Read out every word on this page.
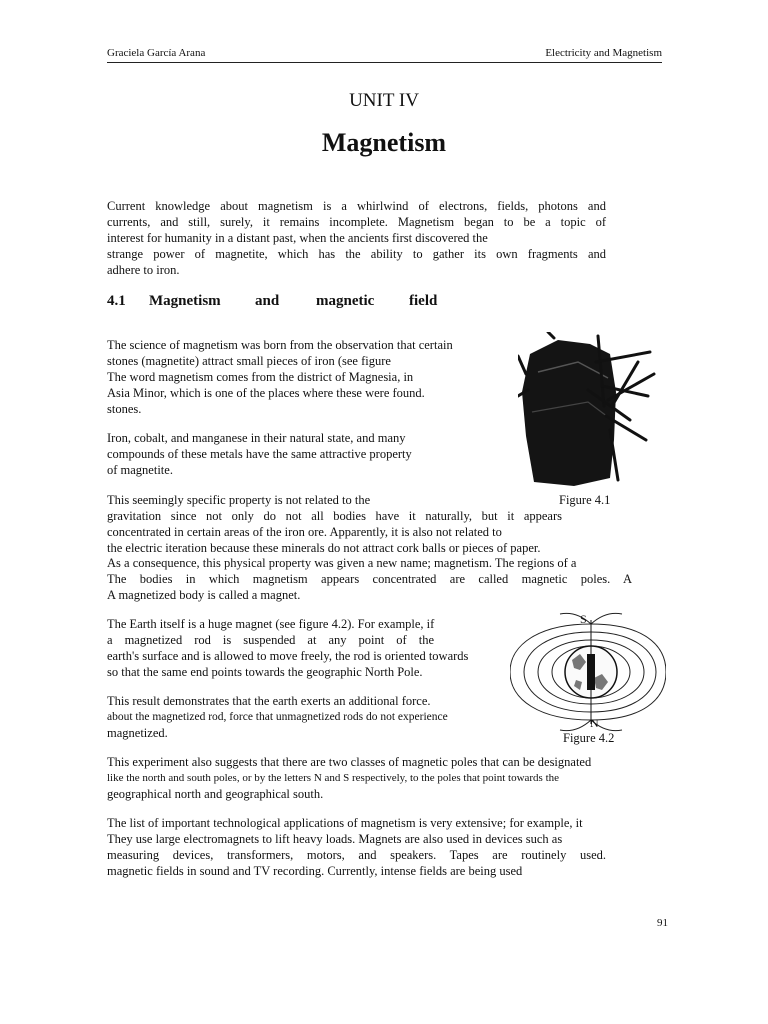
Graciela García Arana	Electricity and Magnetism
UNIT IV
Magnetism
Current knowledge about magnetism is a whirlwind of electrons, fields, photons and
currents, and still, surely, it remains incomplete. Magnetism began to be a topic of
interest for humanity in a distant past, when the ancients first discovered the
strange power of magnetite, which has the ability to gather its own fragments and
adhere to iron.
4.1 Magnetism and magnetic field
The science of magnetism was born from the observation that certain
stones (magnetite) attract small pieces of iron (see figure
The word magnetism comes from the district of Magnesia, in
Asia Minor, which is one of the places where these were found.
stones.
Iron, cobalt, and manganese in their natural state, and many
compounds of these metals have the same attractive property
of magnetite.
Figure 4.1
This seemingly specific property is not related to the
gravitation since not only do not all bodies have it naturally, but it appears
concentrated in certain areas of the iron ore. Apparently, it is also not related to
the electric iteration because these minerals do not attract cork balls or pieces of paper.
As a consequence, this physical property was given a new name; magnetism. The regions of a
The bodies in which magnetism appears concentrated are called magnetic poles. A
A magnetized body is called a magnet.
The Earth itself is a huge magnet (see figure 4.2). For example, if
a magnetized rod is suspended at any point of the
earth's surface and is allowed to move freely, the rod is oriented towards
so that the same end points towards the geographic North Pole.
S
N
Figure 4.2
This result demonstrates that the earth exerts an additional force.
about the magnetized rod, force that unmagnetized rods do not experience
magnetized.
This experiment also suggests that there are two classes of magnetic poles that can be designated
like the north and south poles, or by the letters N and S respectively, to the poles that point towards the
geographical north and geographical south.
The list of important technological applications of magnetism is very extensive; for example, it
They use large electromagnets to lift heavy loads. Magnets are also used in devices such as
measuring devices, transformers, motors, and speakers. Tapes are routinely used.
magnetic fields in sound and TV recording. Currently, intense fields are being used
91
